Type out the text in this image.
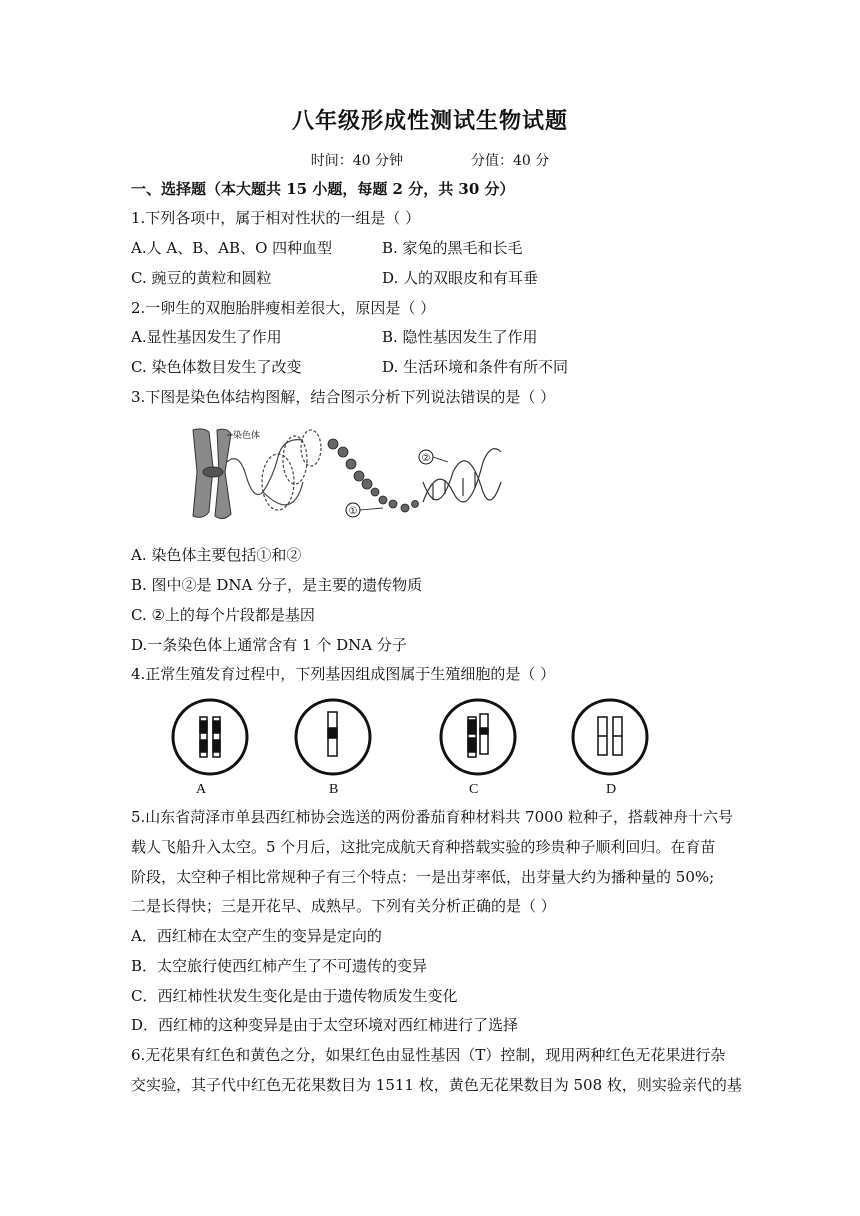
八年级形成性测试生物试题
时间：40 分钟	分值：40 分
一、选择题（本大题共 15 小题，每题 2 分，共 30 分）
1.下列各项中，属于相对性状的一组是（ ）
A.人 A、B、AB、O 四种血型	B. 家兔的黑毛和长毛
C. 豌豆的黄粒和圆粒	D. 人的双眼皮和有耳垂
2.一卵生的双胞胎胖瘦相差很大，原因是（ ）
A.显性基因发生了作用	B. 隐性基因发生了作用
C. 染色体数目发生了改变	D. 生活环境和条件有所不同
3.下图是染色体结构图解，结合图示分析下列说法错误的是（ ）
染色体
②
①
A. 染色体主要包括①和②
B. 图中②是 DNA 分子，是主要的遗传物质
C. ②上的每个片段都是基因
D.一条染色体上通常含有 1 个 DNA 分子
4.正常生殖发育过程中，下列基因组成图属于生殖细胞的是（ ）
A	B	C	D
5.山东省菏泽市单县西红柿协会选送的两份番茄育种材料共 7000 粒种子，搭载神舟十六号
载人飞船升入太空。5 个月后，这批完成航天育种搭载实验的珍贵种子顺利回归。在育苗
阶段，太空种子相比常规种子有三个特点：一是出芽率低，出芽量大约为播种量的 50%;
二是长得快；三是开花早、成熟早。下列有关分析正确的是（ ）
A．西红柿在太空产生的变异是定向的
B．太空旅行使西红柿产生了不可遗传的变异
C．西红柿性状发生变化是由于遗传物质发生变化
D．西红柿的这种变异是由于太空环境对西红柿进行了选择
6.无花果有红色和黄色之分，如果红色由显性基因（T）控制，现用两种红色无花果进行杂
交实验，其子代中红色无花果数目为 1511 枚，黄色无花果数目为 508 枚，则实验亲代的基
